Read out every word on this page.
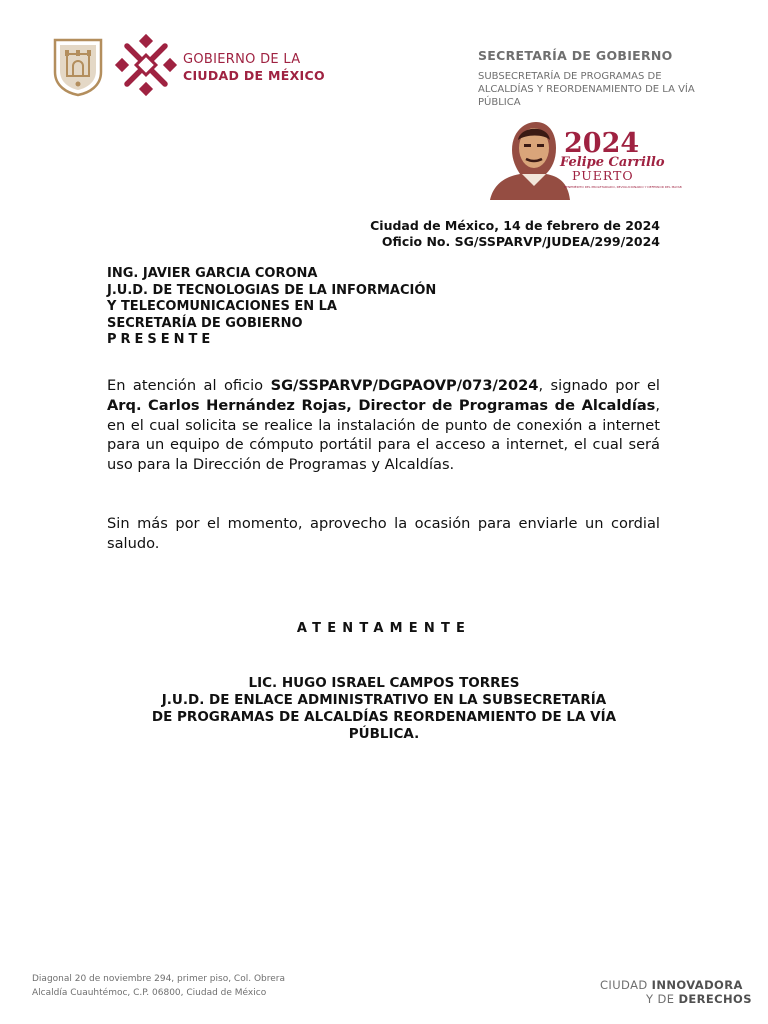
GOBIERNO DE LA
CIUDAD DE MÉXICO
SECRETARÍA DE GOBIERNO
SUBSECRETARÍA DE PROGRAMAS DE ALCALDÍAS Y REORDENAMIENTO DE LA VÍA PÚBLICA
2024
Felipe Carrillo
PUERTO
BENEMÉRITO DEL PROLETARIADO, REVOLUCIONARIO Y DEFENSOR DEL MAYAB
Ciudad de México, 14 de febrero de 2024
Oficio No. SG/SSPARVP/JUDEA/299/2024
ING. JAVIER GARCIA CORONA
J.U.D. DE TECNOLOGIAS DE LA INFORMACIÓN
Y TELECOMUNICACIONES EN LA
SECRETARÍA DE GOBIERNO
PRESENTE
En atención al oficio SG/SSPARVP/DGPAOVP/073/2024, signado por el Arq. Carlos Hernández Rojas, Director de Programas de Alcaldías, en el cual solicita se realice la instalación de punto de conexión a internet para un equipo de cómputo portátil para el acceso a internet, el cual será uso para la Dirección de Programas y Alcaldías.
Sin más por el momento, aprovecho la ocasión para enviarle un cordial saludo.
ATENTAMENTE
LIC. HUGO ISRAEL CAMPOS TORRES
J.U.D. DE ENLACE ADMINISTRATIVO EN LA SUBSECRETARÍA
DE PROGRAMAS DE ALCALDÍAS REORDENAMIENTO DE LA VÍA
PÚBLICA.
Diagonal 20 de noviembre 294, primer piso, Col. Obrera
Alcaldía Cuauhtémoc, C.P. 06800, Ciudad de México
CIUDAD INNOVADORA
Y DE DERECHOS
